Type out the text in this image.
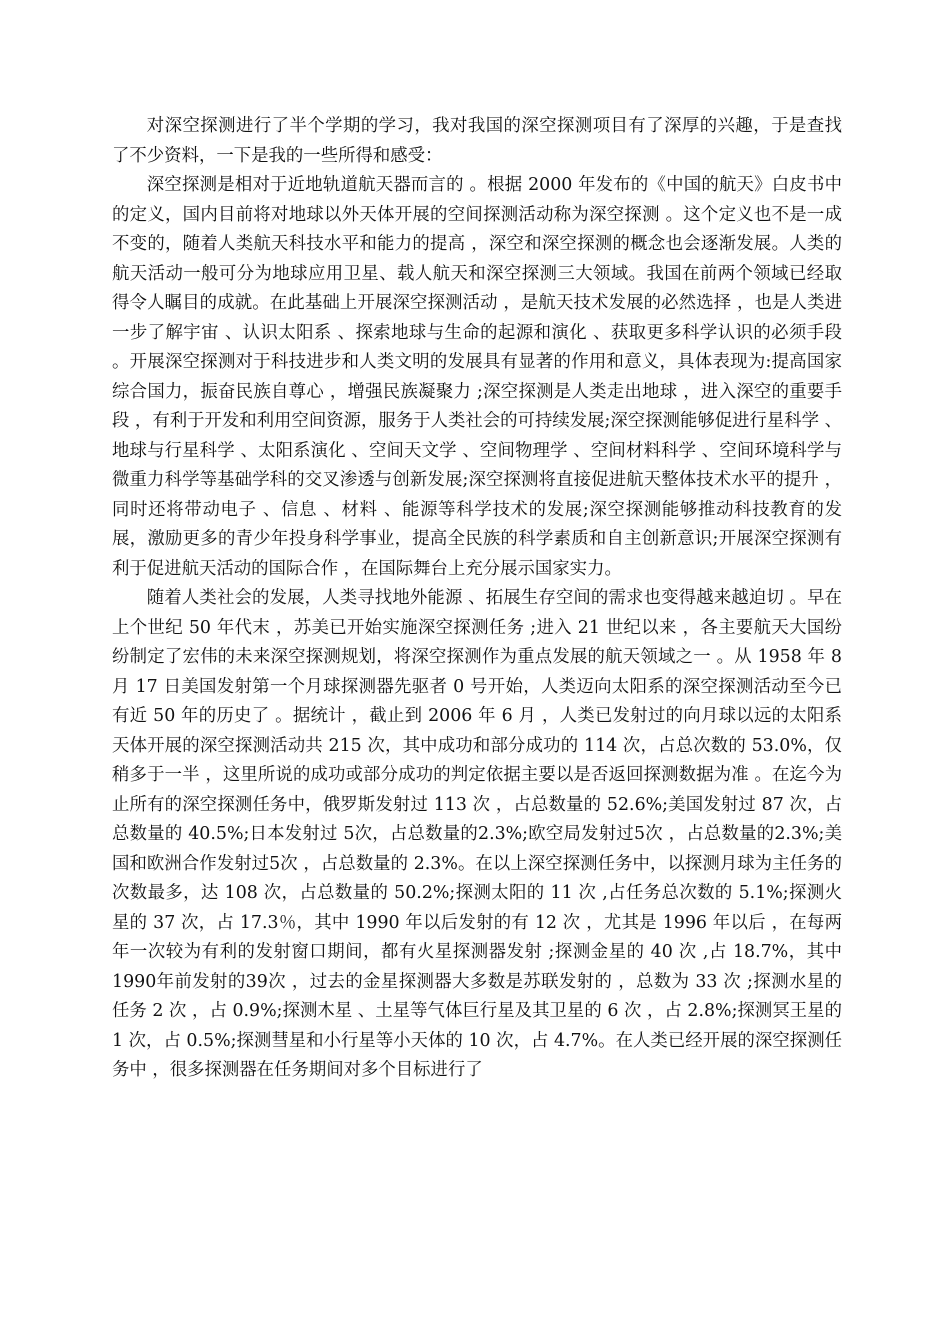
对深空探测进行了半个学期的学习，我对我国的深空探测项目有了深厚的兴趣，于是查找了不少资料，一下是我的一些所得和感受：

深空探测是相对于近地轨道航天器而言的 。根据 2000 年发布的《中国的航天》白皮书中的定义，国内目前将对地球以外天体开展的空间探测活动称为深空探测 。这个定义也不是一成不变的，随着人类航天科技水平和能力的提高 ，深空和深空探测的概念也会逐渐发展。人类的航天活动一般可分为地球应用卫星、载人航天和深空探测三大领域。我国在前两个领域已经取得令人瞩目的成就。在此基础上开展深空探测活动 ，是航天技术发展的必然选择 ，也是人类进一步了解宇宙 、认识太阳系 、探索地球与生命的起源和演化 、获取更多科学认识的必须手段 。开展深空探测对于科技进步和人类文明的发展具有显著的作用和意义，具体表现为:提高国家综合国力，振奋民族自尊心 ，增强民族凝聚力 ;深空探测是人类走出地球 ，进入深空的重要手段 ，有利于开发和利用空间资源，服务于人类社会的可持续发展;深空探测能够促进行星科学 、地球与行星科学 、太阳系演化 、空间天文学 、空间物理学 、空间材料科学 、空间环境科学与微重力科学等基础学科的交叉渗透与创新发展;深空探测将直接促进航天整体技术水平的提升 ，同时还将带动电子 、信息 、材料 、能源等科学技术的发展;深空探测能够推动科技教育的发展，激励更多的青少年投身科学事业，提高全民族的科学素质和自主创新意识;开展深空探测有利于促进航天活动的国际合作 ，在国际舞台上充分展示国家实力。

随着人类社会的发展，人类寻找地外能源 、拓展生存空间的需求也变得越来越迫切 。早在上个世纪 50 年代末 ，苏美已开始实施深空探测任务 ;进入 21 世纪以来 ，各主要航天大国纷纷制定了宏伟的未来深空探测规划，将深空探测作为重点发展的航天领域之一 。从 1958 年 8 月 17 日美国发射第一个月球探测器先驱者 0 号开始，人类迈向太阳系的深空探测活动至今已有近 50 年的历史了 。据统计 ，截止到 2006 年 6 月 ，人类已发射过的向月球以远的太阳系天体开展的深空探测活动共 215 次，其中成功和部分成功的 114 次，占总次数的 53.0%，仅稍多于一半 ，这里所说的成功或部分成功的判定依据主要以是否返回探测数据为准 。在迄今为止所有的深空探测任务中，俄罗斯发射过 113 次 ，占总数量的 52.6%;美国发射过 87 次，占总数量的 40.5%;日本发射过 5次，占总数量的2.3%;欧空局发射过5次 ，占总数量的2.3%;美国和欧洲合作发射过5次 ，占总数量的 2.3%。在以上深空探测任务中，以探测月球为主任务的次数最多，达 108 次，占总数量的 50.2%;探测太阳的 11 次 ,占任务总次数的 5.1%;探测火星的 37 次，占 17.3％，其中 1990 年以后发射的有 12 次 ，尤其是 1996 年以后 ，在每两年一次较为有利的发射窗口期间，都有火星探测器发射 ;探测金星的 40 次 ,占 18.7%，其中 1990年前发射的39次 ，过去的金星探测器大多数是苏联发射的 ，总数为 33 次 ;探测水星的任务 2 次 ，占 0.9%;探测木星 、土星等气体巨行星及其卫星的 6 次 ，占 2.8%;探测冥王星的 1 次，占 0.5%;探测彗星和小行星等小天体的 10 次，占 4.7%。在人类已经开展的深空探测任务中 ，很多探测器在任务期间对多个目标进行了
